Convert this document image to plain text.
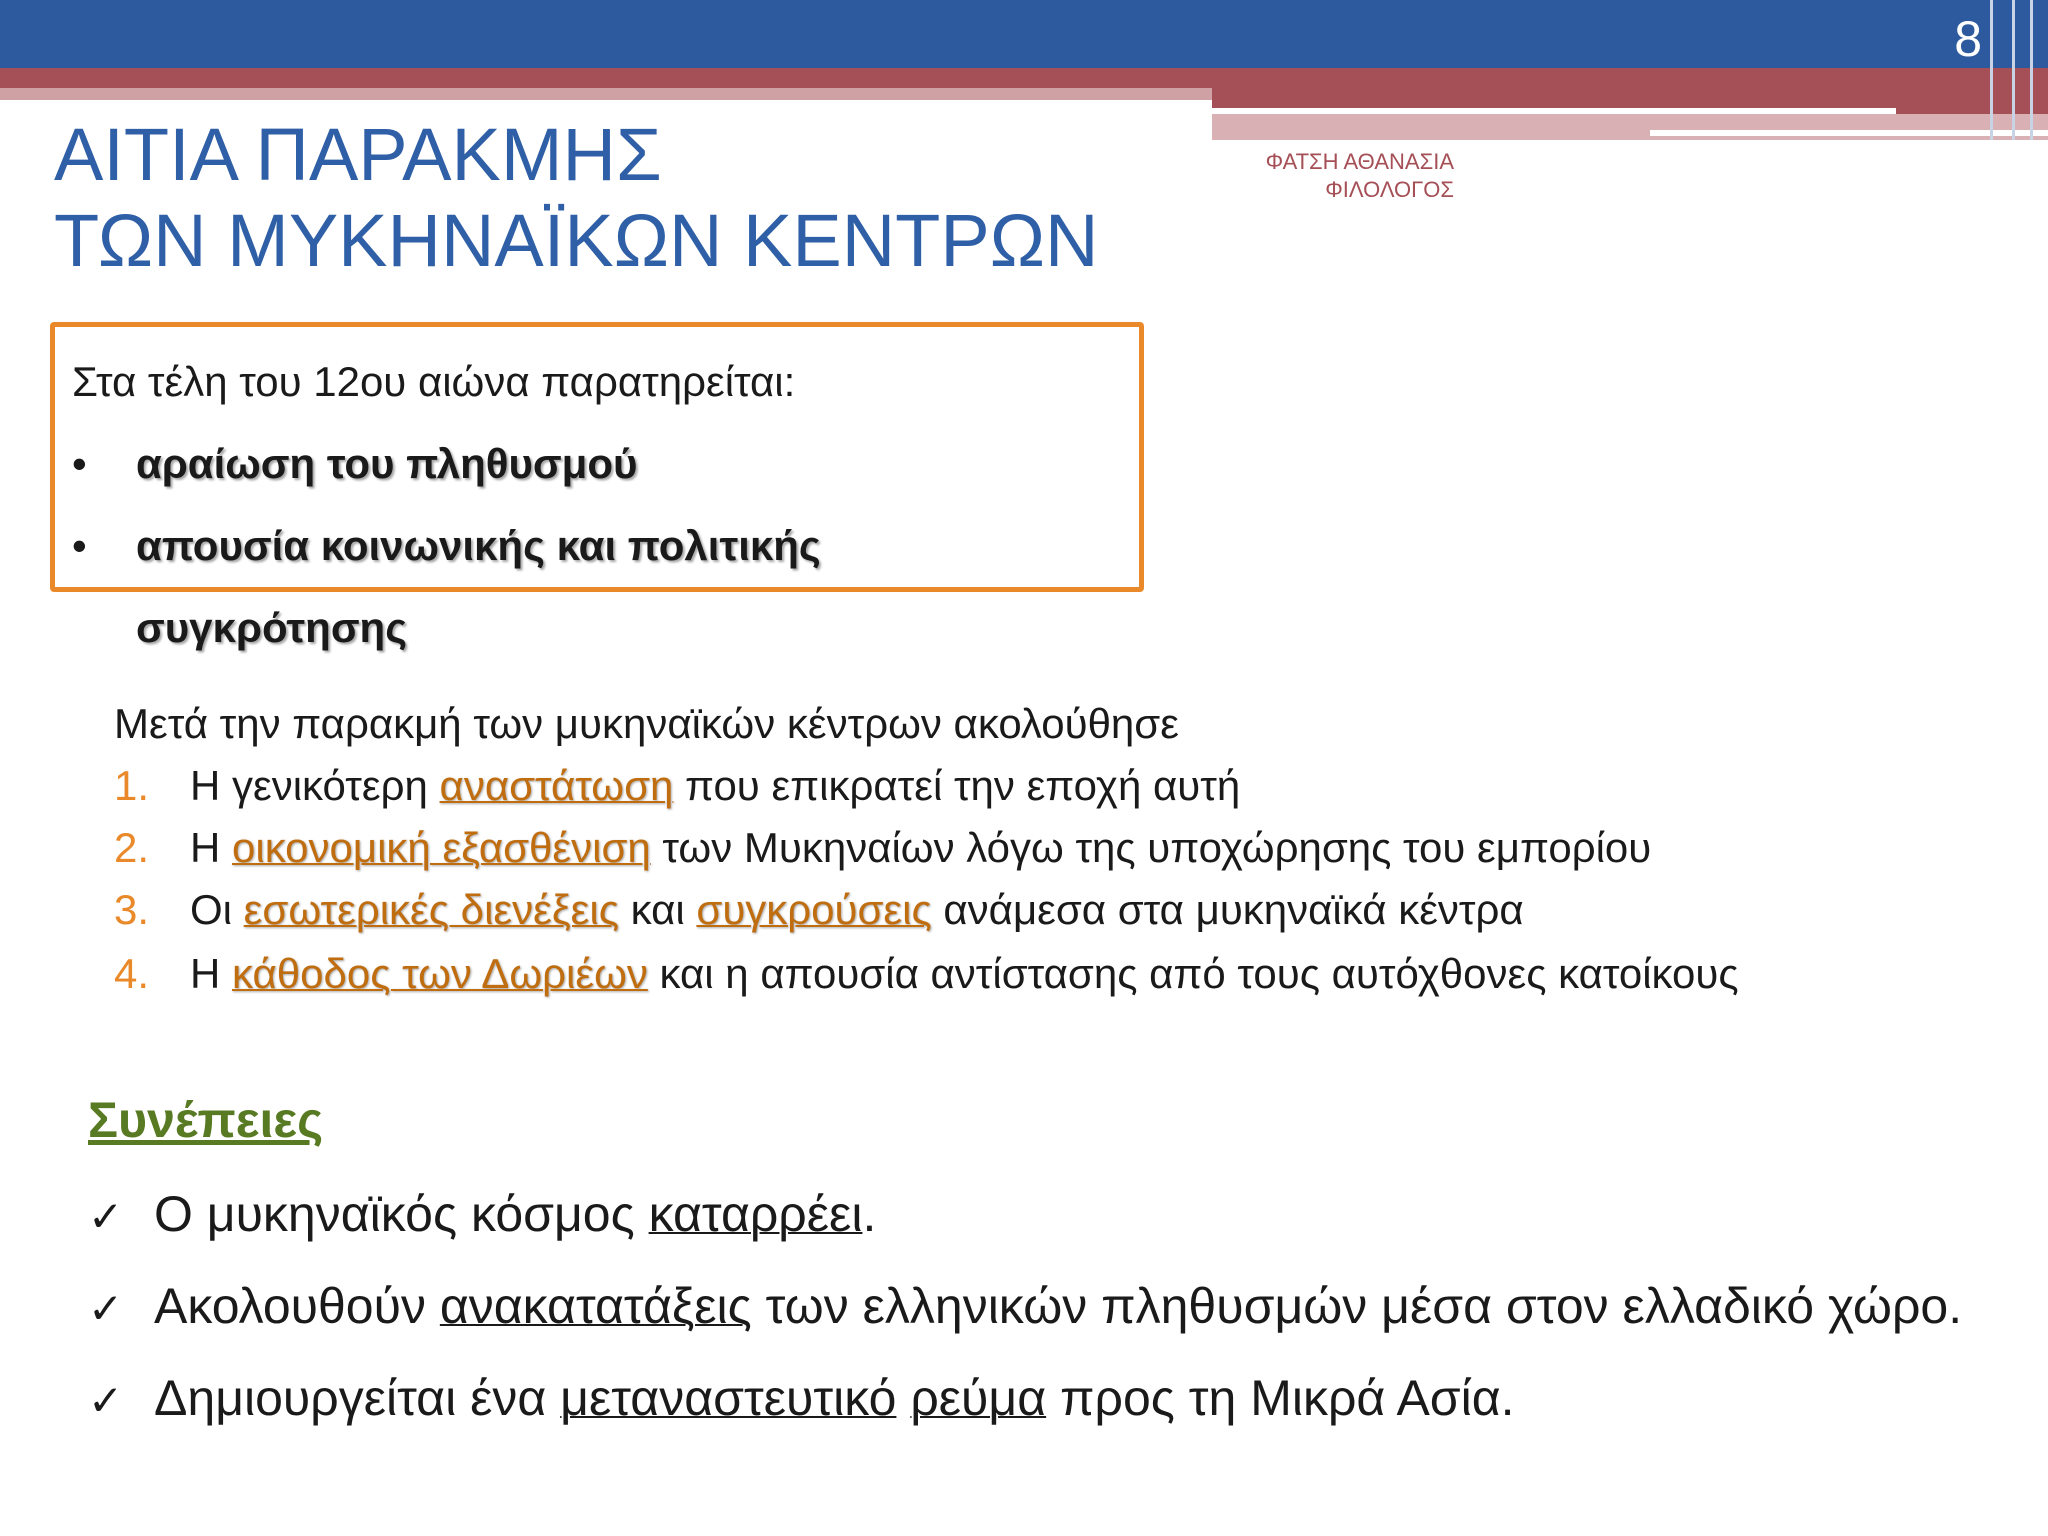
8
ΑΙΤΙΑ ΠΑΡΑΚΜΗΣ
ΤΩΝ ΜΥΚΗΝΑΪΚΩΝ ΚΕΝΤΡΩΝ
ΦΑΤΣΗ ΑΘΑΝΑΣΙΑ
ΦΙΛΟΛΟΓΟΣ
Στα τέλη του 12ου αιώνα παρατηρείται:
• αραίωση του πληθυσμού
• απουσία κοινωνικής και πολιτικής
συγκρότησης
Μετά την παρακμή των μυκηναϊκών κέντρων ακολούθησε
1. Η γενικότερη αναστάτωση που επικρατεί την εποχή αυτή
2. Η οικονομική εξασθένιση των Μυκηναίων λόγω της υποχώρησης του εμπορίου
3. Οι εσωτερικές διενέξεις και συγκρούσεις ανάμεσα στα μυκηναϊκά κέντρα
4. Η κάθοδος των Δωριέων και η απουσία αντίστασης από τους αυτόχθονες κατοίκους
Συνέπειες
✓ Ο μυκηναϊκός κόσμος καταρρέει.
✓ Ακολουθούν ανακατατάξεις των ελληνικών πληθυσμών μέσα στον ελλαδικό χώρο.
✓ Δημιουργείται ένα μεταναστευτικό ρεύμα προς τη Μικρά Ασία.
